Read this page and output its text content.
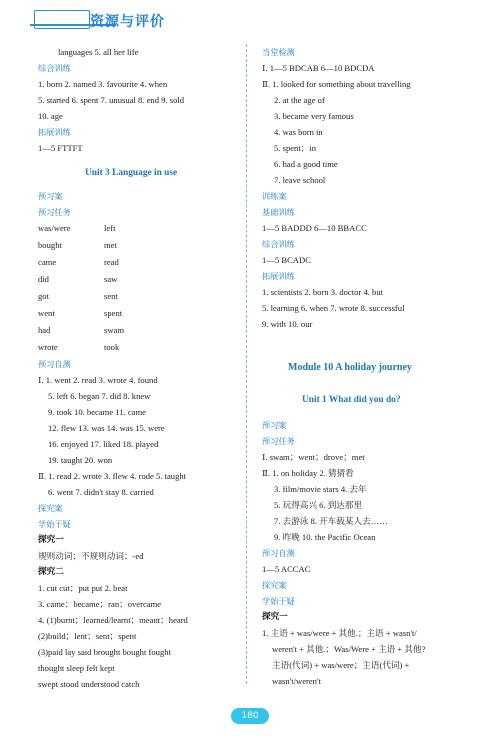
资源与评价
languages 5. all her life
综合训练
1. born 2. named 3. favourite 4. when
5. started 6. spent 7. unusual 8. end 9. sold
10. age
拓展训练
1—5 FTTFT
Unit 3 Language in use
预习案
预习任务
was/were	left
bought	met
came	read
did	saw
got	sent
went	spent
had	swam
wrote	took
预习自测
Ⅰ. 1. went 2. read 3. wrote 4. found
5. left 6. began 7. did 8. knew
9. took 10. became 11. came
12. flew 13. was 14. was 15. were
16. enjoyed 17. liked 18. played
19. taught 20. won
Ⅱ. 1. read 2. wrote 3. flew 4. rode 5. taught
6. went 7. didn't stay 8. carried
探究案
学始于疑
探究一
规则动词；不规则动词；-ed
探究二
1. cut cut；put put 2. beat
3. came；became；ran；overcame
4. (1)burnt；learned/learnt；meant；heard
(2)build；lent；sent；spent
(3)paid lay said brought bought fought
thought sleep felt kept
swept stood understood catch
当堂检测
Ⅰ. 1—5 BDCAB 6—10 BDCDA
Ⅱ. 1. looked for something about travelling
2. at the age of
3. became very famous
4. was born in
5. spent；in
6. had a good time
7. leave school
训练案
基础训练
1—5 BADDD 6—10 BBACC
综合训练
1—5 BCADC
拓展训练
1. scientists 2. born 3. doctor 4. but
5. learning 6. when 7. wrote 8. successful
9. with 10. our
Module 10 A holiday journey
Unit 1 What did you do?
预习案
预习任务
Ⅰ. swam；went；drove；met
Ⅱ. 1. on holiday 2. 猜猜看
3. film/movie stars 4. 去年
5. 玩得高兴 6. 到达那里
7. 去游泳 8. 开车载某人去……
9. 昨晚 10. the Pacific Ocean
预习自测
1—5 ACCAC
探究案
学始于疑
探究一
1. 主语 + was/were + 其他.；主语 + wasn't/
weren't + 其他.；Was/Were + 主语 + 其他?
主语(代词) + was/were；主语(代词) +
wasn't/weren't
180
